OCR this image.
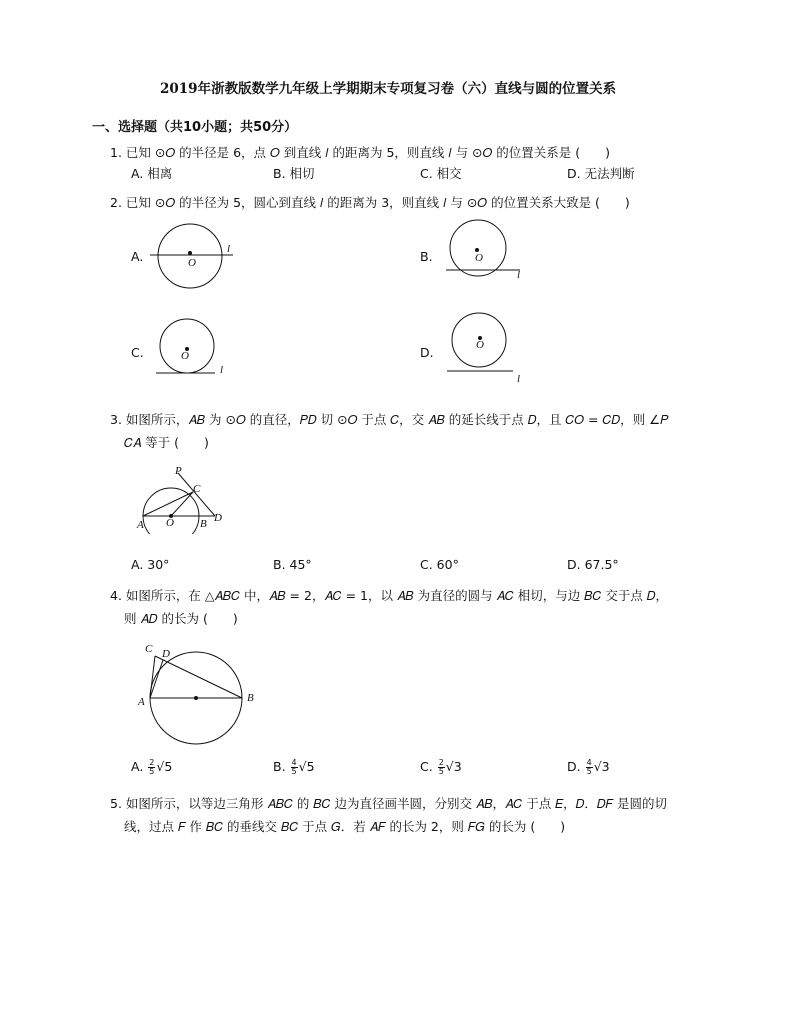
2019年浙教版数学九年级上学期期末专项复习卷（六）直线与圆的位置关系
一、选择题（共10小题；共50分）
1. 已知 ⊙𝑂 的半径是 6，点 𝑂 到直线 𝑙 的距离为 5，则直线 𝑙 与 ⊙𝑂 的位置关系是 (　　)
A. 相离	B. 相切	C. 相交	D. 无法判断
2. 已知 ⊙𝑂 的半径为 5，圆心到直线 𝑙 的距离为 3，则直线 𝑙 与 ⊙𝑂 的位置关系大致是 (　　)
A.	O
l	B.	O
l
C.	O
l
D.	O
l
3. 如图所示，𝐴𝐵 为 ⊙𝑂 的直径，𝑃𝐷 切 ⊙𝑂 于点 𝐶，交 𝐴𝐵 的延长线于点 𝐷，且 𝐶𝑂 = 𝐶𝐷，则 ∠𝑃
𝐶𝐴 等于 (　　)
P
C
A O B D
A. 30°	B. 45°	C. 60°	D. 67.5°
4. 如图所示，在 △𝐴𝐵𝐶 中，𝐴𝐵 = 2，𝐴𝐶 = 1，以 𝐴𝐵 为直径的圆与 𝐴𝐶 相切，与边 𝐵𝐶 交于点 𝐷，
则 𝐴𝐷 的长为 (　　)
C D
A	B
A. $\frac{2}{5} √5$	B. $\frac{4}{5} √5$	C. $\frac{2}{5} √3$	D. $\frac{4}{5} √3$
5. 如图所示，以等边三角形 𝐴𝐵𝐶 的 𝐵𝐶 边为直径画半圆，分别交 𝐴𝐵，𝐴𝐶 于点 𝐸，𝐷．𝐷𝐹 是圆的切
线，过点 𝐹 作 𝐵𝐶 的垂线交 𝐵𝐶 于点 𝐺．若 𝐴𝐹 的长为 2，则 𝐹𝐺 的长为 (　　)
